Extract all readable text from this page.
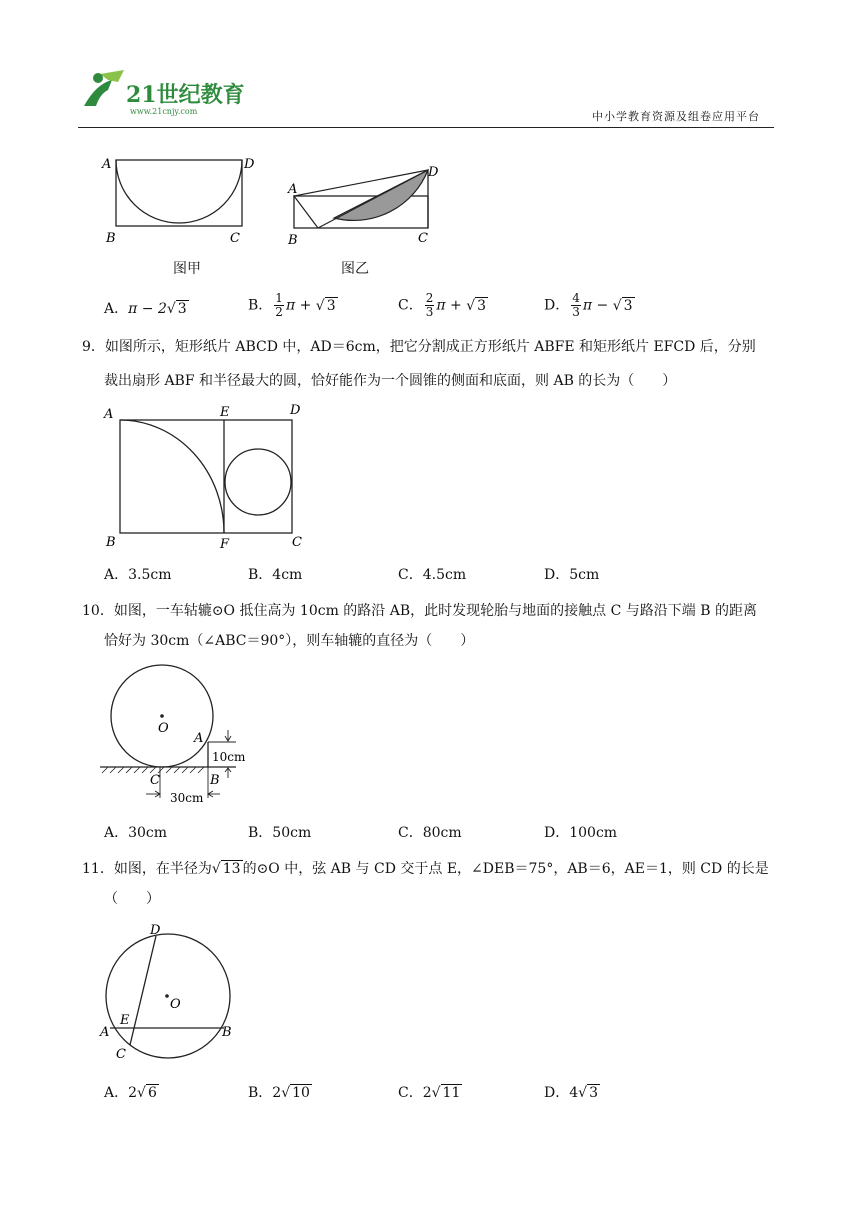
21世纪教育
www.21cnjy.com	中小学教育资源及组卷应用平台
A	D
B	C
图甲
A
D
B	C
图乙
A．π − 2√ 3	B． $\frac{1}{2}$ π + √ 3	C． $\frac{2}{3}$ π + √ 3	D． $\frac{4}{3}$ π − √ 3
9．如图所示，矩形纸片 ABCD 中，AD＝6cm，把它分割成正方形纸片 ABFE 和矩形纸片 EFCD 后，分别
裁出扇形 ABF 和半径最大的圆，恰好能作为一个圆锥的侧面和底面，则 AB 的长为（　　）
A	E	D
B	F	C
A．3.5cm	B．4cm	C．4.5cm	D．5cm
10．如图，一车轱辘⊙O 抵住高为 10cm 的路沿 AB，此时发现轮胎与地面的接触点 C 与路沿下端 B 的距离
恰好为 30cm（∠ABC＝90°），则车轴辘的直径为（　　）
O
A
B
C
10cm
30cm
A．30cm	B．50cm	C．80cm	D．100cm
11．如图，在半径为√ 13 的⊙O 中，弦 AB 与 CD 交于点 E，∠DEB＝75°，AB＝6，AE＝1，则 CD 的长是
（　　）
D
O
A
E
B
C
A．2√ 6	B．2√ 10	C．2√ 11	D．4√ 3
